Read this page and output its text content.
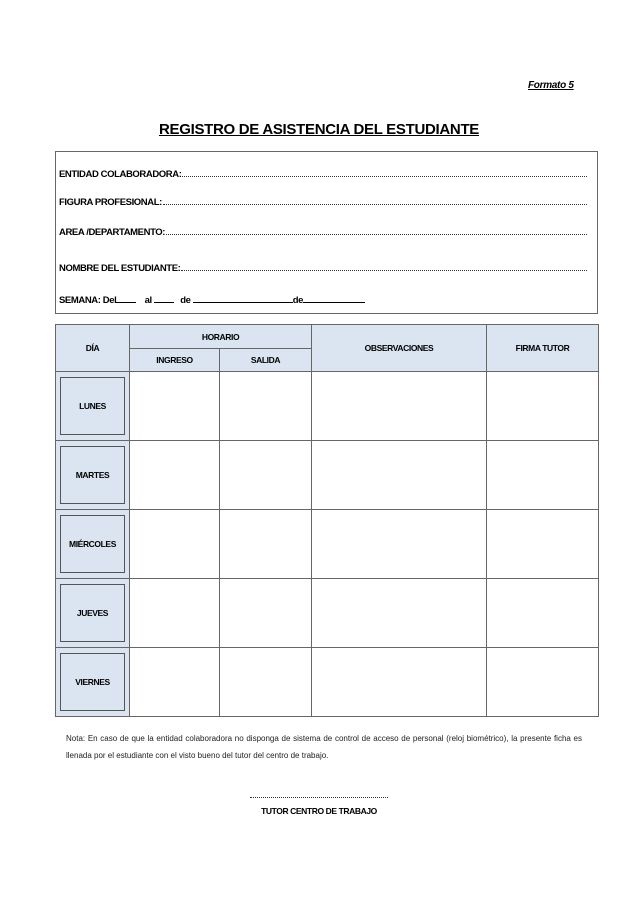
Formato 5
REGISTRO DE ASISTENCIA DEL ESTUDIANTE
ENTIDAD COLABORADORA:
FIGURA PROFESIONAL:
AREA /DEPARTAMENTO:
NOMBRE DEL ESTUDIANTE:
SEMANA: Del	al	de	de
DÍA	HORARIO		OBSERVACIONES	FIRMA TUTOR
	INGRESO	SALIDA		

LUNES				

MARTES				

MIÉRCOLES				

JUEVES				

VIERNES				

Nota: En caso de que la entidad colaboradora no disponga de sistema de control de acceso de personal (reloj biométrico), la presente ficha es llenada por el estudiante con el visto bueno del tutor del centro de trabajo.
TUTOR CENTRO DE TRABAJO
